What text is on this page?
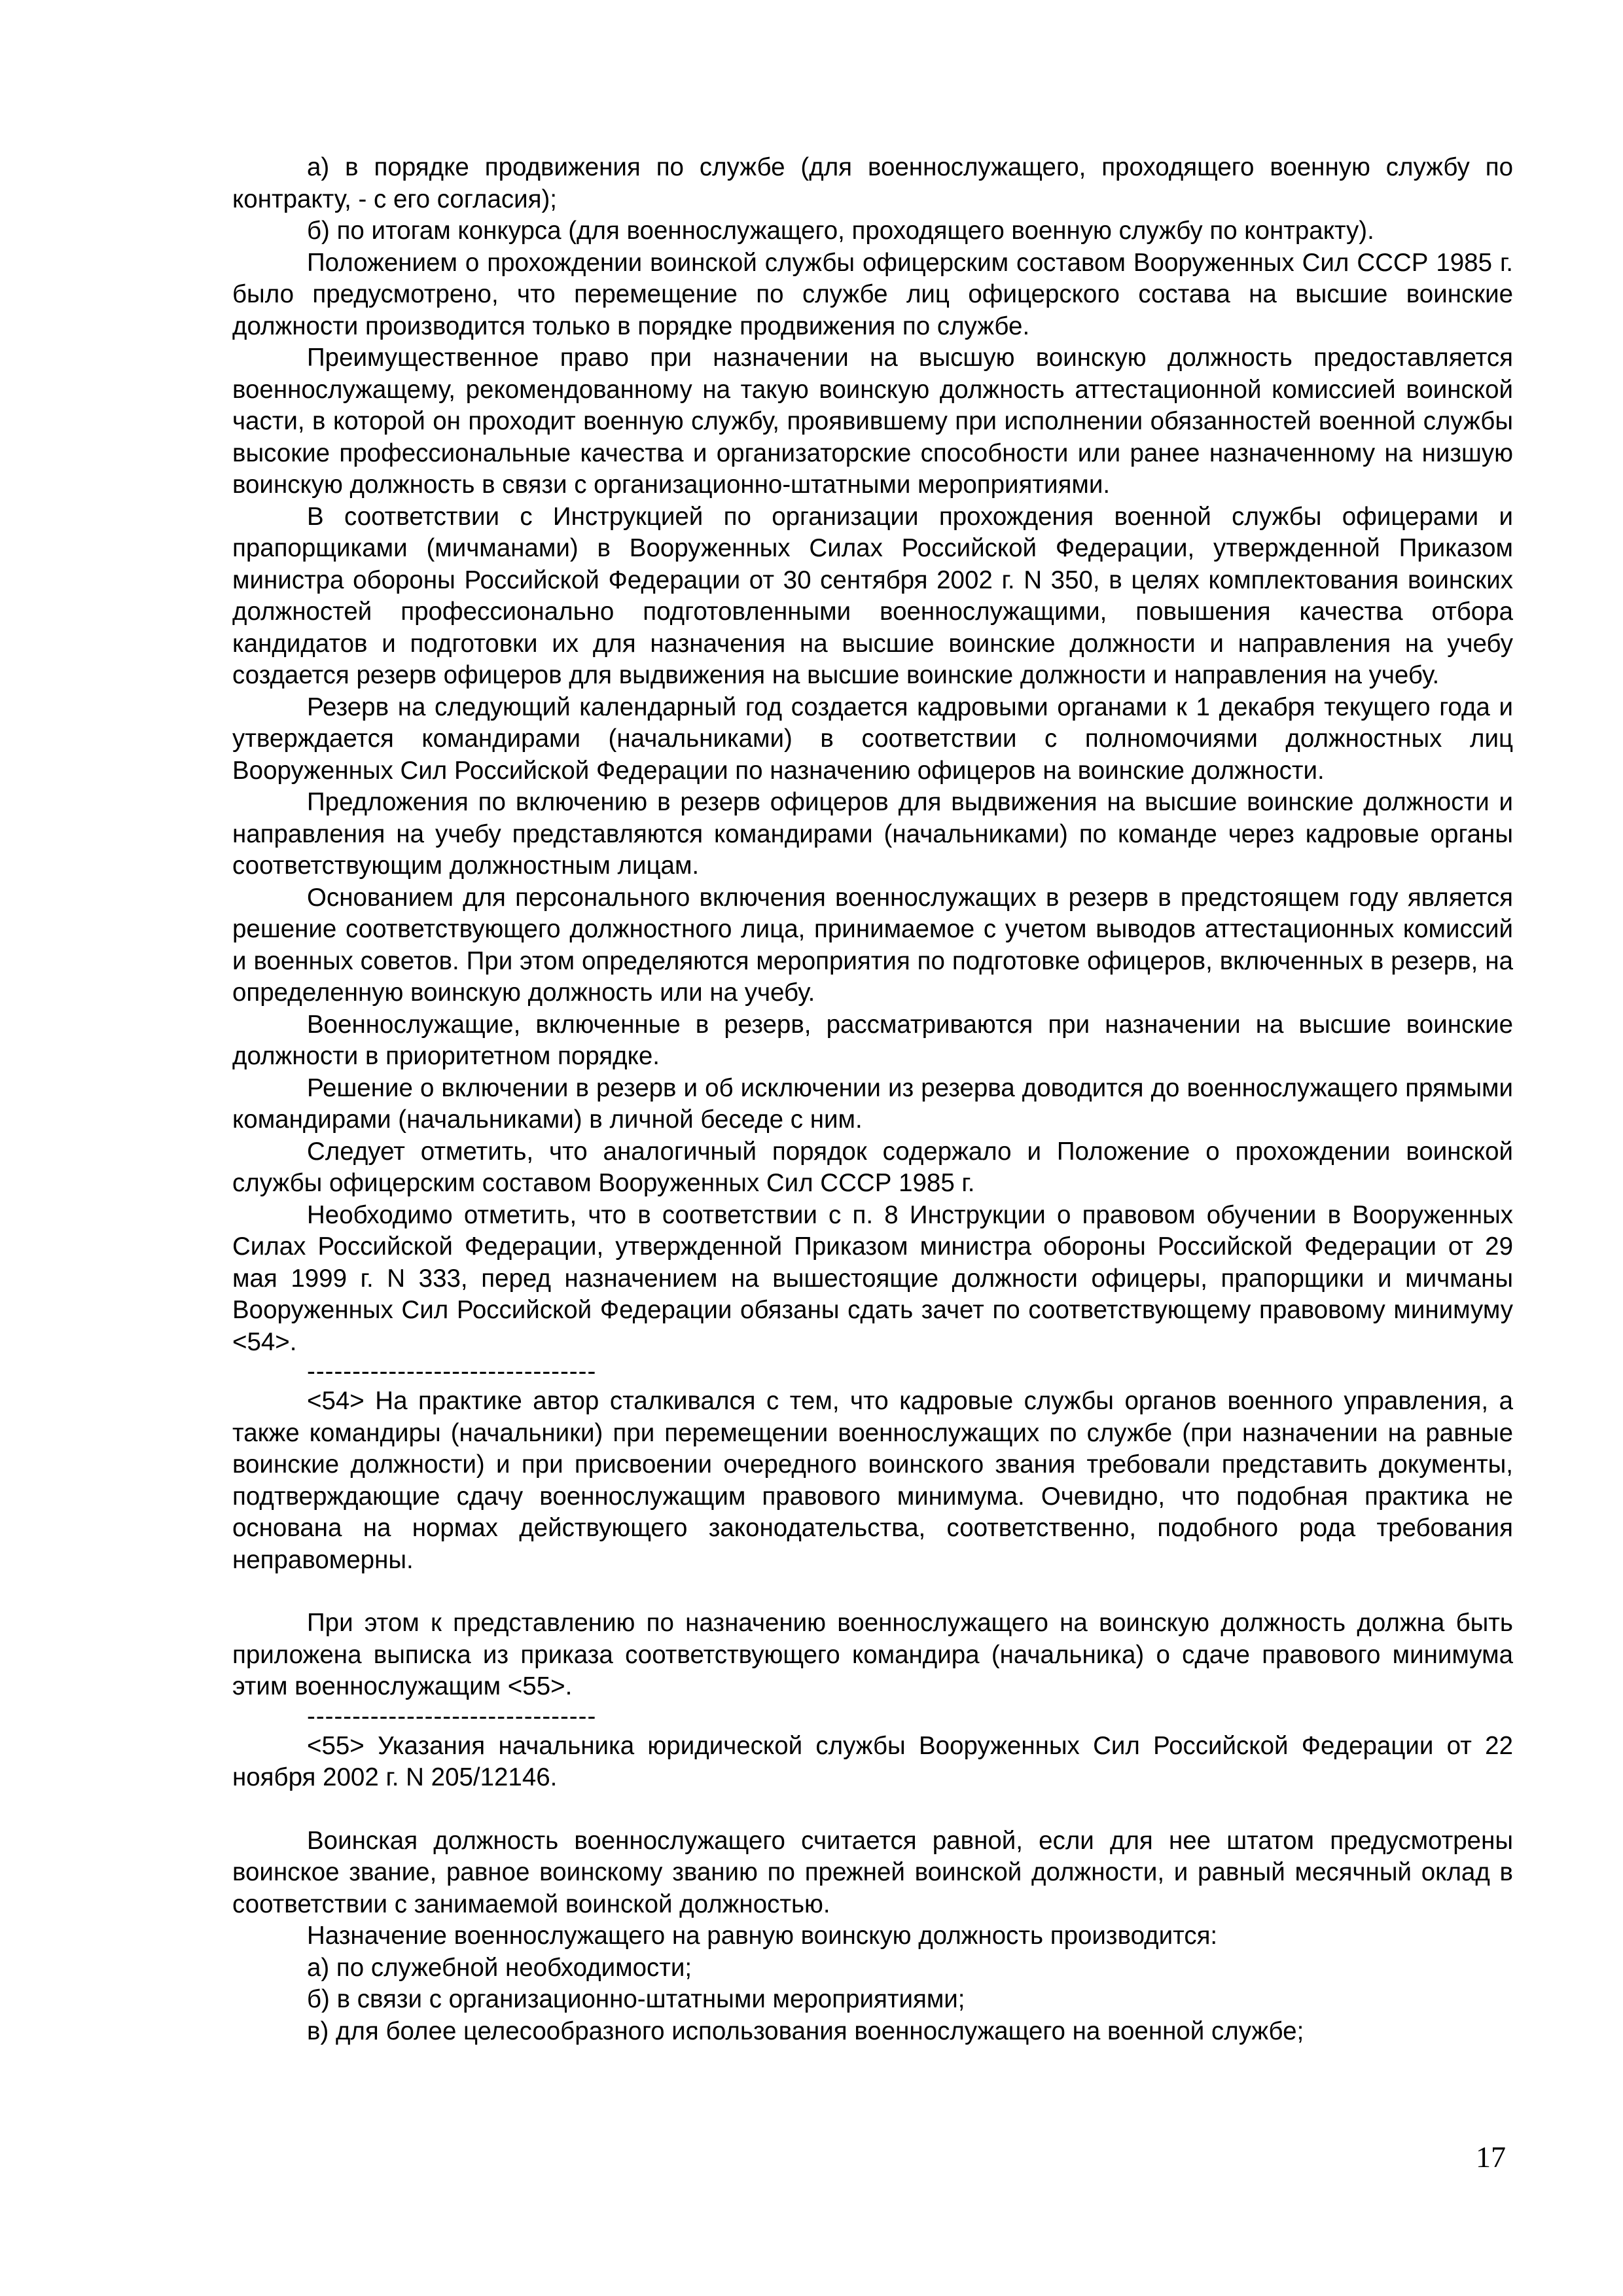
а) в порядке продвижения по службе (для военнослужащего, проходящего военную службу по контракту, - с его согласия);

б) по итогам конкурса (для военнослужащего, проходящего военную службу по контракту).

Положением о прохождении воинской службы офицерским составом Вооруженных Сил СССР 1985 г. было предусмотрено, что перемещение по службе лиц офицерского состава на высшие воинские должности производится только в порядке продвижения по службе.

Преимущественное право при назначении на высшую воинскую должность предоставляется военнослужащему, рекомендованному на такую воинскую должность аттестационной комиссией воинской части, в которой он проходит военную службу, проявившему при исполнении обязанностей военной службы высокие профессиональные качества и организаторские способности или ранее назначенному на низшую воинскую должность в связи с организационно-штатными мероприятиями.

В соответствии с Инструкцией по организации прохождения военной службы офицерами и прапорщиками (мичманами) в Вооруженных Силах Российской Федерации, утвержденной Приказом министра обороны Российской Федерации от 30 сентября 2002 г. N 350, в целях комплектования воинских должностей профессионально подготовленными военнослужащими, повышения качества отбора кандидатов и подготовки их для назначения на высшие воинские должности и направления на учебу создается резерв офицеров для выдвижения на высшие воинские должности и направления на учебу.

Резерв на следующий календарный год создается кадровыми органами к 1 декабря текущего года и утверждается командирами (начальниками) в соответствии с полномочиями должностных лиц Вооруженных Сил Российской Федерации по назначению офицеров на воинские должности.

Предложения по включению в резерв офицеров для выдвижения на высшие воинские должности и направления на учебу представляются командирами (начальниками) по команде через кадровые органы соответствующим должностным лицам.

Основанием для персонального включения военнослужащих в резерв в предстоящем году является решение соответствующего должностного лица, принимаемое с учетом выводов аттестационных комиссий и военных советов. При этом определяются мероприятия по подготовке офицеров, включенных в резерв, на определенную воинскую должность или на учебу.

Военнослужащие, включенные в резерв, рассматриваются при назначении на высшие воинские должности в приоритетном порядке.

Решение о включении в резерв и об исключении из резерва доводится до военнослужащего прямыми командирами (начальниками) в личной беседе с ним.

Следует отметить, что аналогичный порядок содержало и Положение о прохождении воинской службы офицерским составом Вооруженных Сил СССР 1985 г.

Необходимо отметить, что в соответствии с п. 8 Инструкции о правовом обучении в Вооруженных Силах Российской Федерации, утвержденной Приказом министра обороны Российской Федерации от 29 мая 1999 г. N 333, перед назначением на вышестоящие должности офицеры, прапорщики и мичманы Вооруженных Сил Российской Федерации обязаны сдать зачет по соответствующему правовому минимуму <54>.

--------------------------------

<54> На практике автор сталкивался с тем, что кадровые службы органов военного управления, а также командиры (начальники) при перемещении военнослужащих по службе (при назначении на равные воинские должности) и при присвоении очередного воинского звания требовали представить документы, подтверждающие сдачу военнослужащим правового минимума. Очевидно, что подобная практика не основана на нормах действующего законодательства, соответственно, подобного рода требования неправомерны.

При этом к представлению по назначению военнослужащего на воинскую должность должна быть приложена выписка из приказа соответствующего командира (начальника) о сдаче правового минимума этим военнослужащим <55>.

--------------------------------

<55> Указания начальника юридической службы Вооруженных Сил Российской Федерации от 22 ноября 2002 г. N 205/12146.

Воинская должность военнослужащего считается равной, если для нее штатом предусмотрены воинское звание, равное воинскому званию по прежней воинской должности, и равный месячный оклад в соответствии с занимаемой воинской должностью.

Назначение военнослужащего на равную воинскую должность производится:

а) по служебной необходимости;

б) в связи с организационно-штатными мероприятиями;

в) для более целесообразного использования военнослужащего на военной службе;

17
